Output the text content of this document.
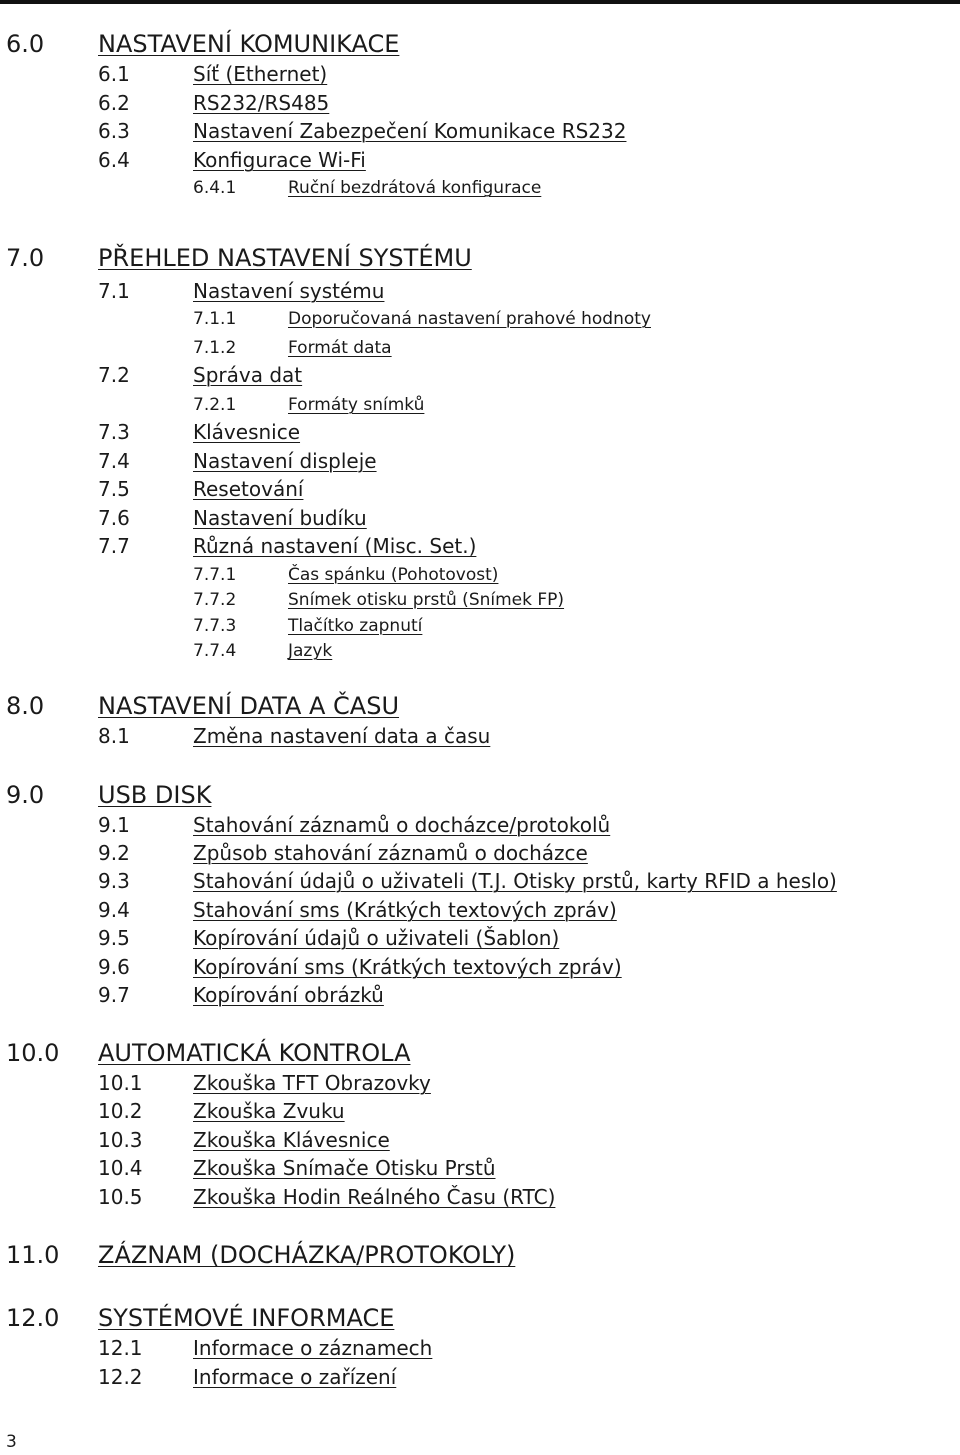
6.0 NASTAVENÍ KOMUNIKACE
6.1	Síť (Ethernet)
6.2	RS232/RS485
6.3	Nastavení Zabezpečení Komunikace RS232
6.4	Konfigurace Wi-Fi
6.4.1	Ruční bezdrátová konfigurace
7.0 PŘEHLED NASTAVENÍ SYSTÉMU
7.1	Nastavení systému
7.1.1	Doporučovaná nastavení prahové hodnoty
7.1.2	Formát data
7.2	Správa dat
7.2.1	Formáty snímků
7.3	Klávesnice
7.4	Nastavení displeje
7.5	Resetování
7.6	Nastavení budíku
7.7	Různá nastavení (Misc. Set.)
7.7.1	Čas spánku (Pohotovost)
7.7.2	Snímek otisku prstů (Snímek FP)
7.7.3	Tlačítko zapnutí
7.7.4	Jazyk
8.0 NASTAVENÍ DATA A ČASU
8.1	Změna nastavení data a času
9.0 USB DISK
9.1	Stahování záznamů o docházce/protokolů
9.2	Způsob stahování záznamů o docházce
9.3	Stahování údajů o uživateli (T.J. Otisky prstů, karty RFID a heslo)
9.4	Stahování sms (Krátkých textových zpráv)
9.5	Kopírování údajů o uživateli (Šablon)
9.6	Kopírování sms (Krátkých textových zpráv)
9.7	Kopírování obrázků
10.0 AUTOMATICKÁ KONTROLA
10.1	Zkouška TFT Obrazovky
10.2	Zkouška Zvuku
10.3	Zkouška Klávesnice
10.4	Zkouška Snímače Otisku Prstů
10.5	Zkouška Hodin Reálného Času (RTC)
11.0 ZÁZNAM (DOCHÁZKA/PROTOKOLY)
12.0 SYSTÉMOVÉ INFORMACE
12.1	Informace o záznamech
12.2	Informace o zařízení
3
